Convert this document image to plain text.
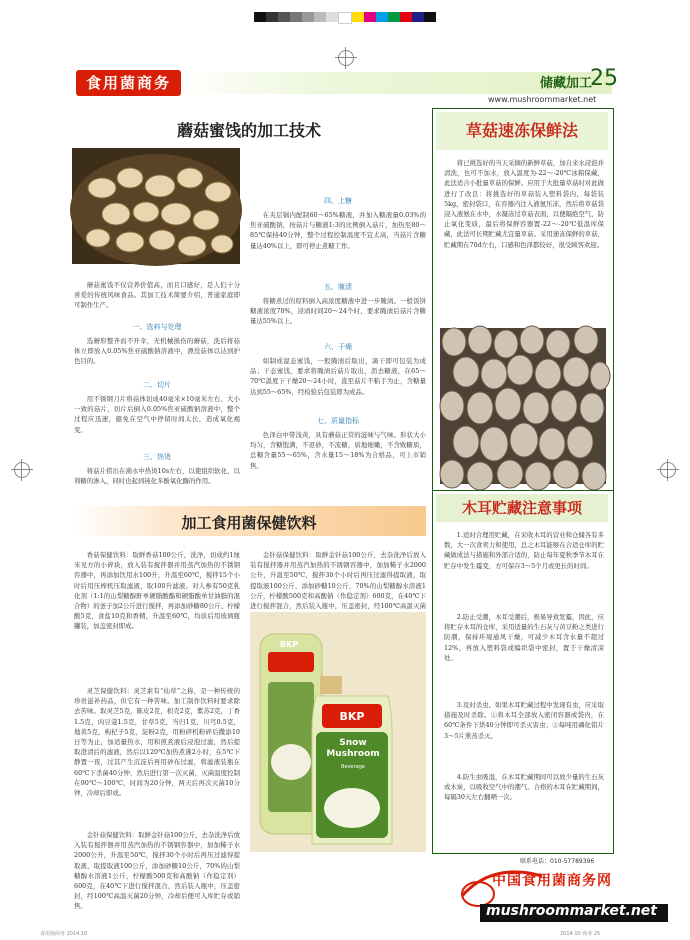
食用菌商务	储藏加工
25
www.mushroommarket.net
蘑菇蜜饯的加工技术
蘑菇蜜饯不仅营养价值高，而且口感好，是人们十分喜爱的传统风味食品。其加工技术简要介绍，普通家庭即可制作生产。
一、选料与处理
选蘑形整齐而不开伞，无机械损伤的蘑菇，洗后将菇体立即放入0.05%焦亚硫酸钠溶液中，漂没菇体以达到护色目的。
二、切片
用不锈钢刀片将菇体切成40毫米×10毫米左右、大小一致的菇片，切片后倒入0.05%焦亚硫酸钠溶液中，整个过程应迅速，避免在空气中停留时间太长，造成氧化褐变。
三、热烫
将菇片捞出在沸水中热烫10s左右，以使组织软化，以利糖的渗入，同时也起到钝化多酚氧化酶的作用。
四、上糖
在夹层锅内配制60～65%糖液，并加入糖液量0.03%的焦亚硫酸钠，按菇片与糖液1:3的比例倒入菇片，加热至80～85℃保持40分钟，整个过程控制温度不宜太高，当菇片含糖量达40%以上，即可停止煮糖工作。
五、腌渍
将糖煮过的原料倒入高浓度糖液中进一步腌渍。一般饭饼糖液浓度70%，浸渍时间20～24个时，要求腌渍后菇片含糖量达55%以上。
六、干燥
如制成湿态蜜饯，一般腌渍后取出，滴干即可包装为成品；干态蜜饯，要求将腌渍后菇片取出，沥去糖液，在65～70℃温度下干燥20～24小时，直至菇片不粘手为止，含糖量达到55～65%，经检验后包装即为成品。
七、质量指标
色泽白中带浅黄，具有蘑菇正常的滋味与气味。形状大小均匀，含糖饱满，不返砂，不流糖，质地细嫩，不含败糖质，总糖含量55～65%，含水量15～18%为合格品，可上市销售。
草菇速冻保鲜法
将已挑选好的当天采摘的新鲜草菇，加自来水浸泡并清洗，也可不加水，放入温度为-22～-20℃冰箱保藏，此法适合小批量草菇的保鲜。应用于大批量草菇时对此做进行了改良：将挑选好的草菇装入塑料袋内，每袋装5kg，密封袋口，在容器内注入液氨压冻，然后将草菇袋浸入液氨在水中，水凝冻过草菇表面，以便隔绝空气，防止氧化变质，最后将保鲜容器置-22～-20℃低温库保藏，此法可长期贮藏尤宜量草菇。采用速冻保鲜的草菇，贮藏期在70d左右，口感和色泽都较好，很受顾客欢迎。
木耳贮藏注意事项
1.适时合理用贮藏，在采收木耳的营业和仓储各有多数，大一次食卖力和使用，总之木耳能够在合适仓库的贮藏做成法与措施和外部合适的，防止每年夏秋季节木耳在贮存中发生霉变，方可保存3～5个月或更长的时间。
2.防止受潮，木耳受潮后，极易导致发霉，因此，应将贮存木耳的仓库，采用适量的生石灰与黄豆粉之类进行防潮，保持环境通风干燥，可减少木耳含水量不超过12%，再放入塑料袋或编织袋中密封，置于干燥清凉处。
3.及时杀虫。如果木耳贮藏过程中发现有虫，应采取措施及时杀除。①将木耳全部放入密闭容器或袋内，在60℃条件下烘40分钟即可杀灭害虫；②每吨用磷化铝片3～5片熏蒸杀灭。
4.防生虫吸湿，在木耳贮藏期间可以放少量的生石灰或木炭，以吸收空气中的潮气。合格的木耳在贮藏期间，每隔30天左右翻晒一次。
加工食用菌保健饮料
香菇保健饮料：取鲜香菇100公斤，洗净，切成约1厘米见方的小碎块，放入装有搅拌器并用蒸汽加热的不锈钢容器中，再添加饮用水100升，升温至60℃，搅拌15个小时后用压榨机压取滤液，取100升滤液。对人参有50克乳化剂（1:1的山梨糖醇酐单硬脂酸酯和硬脂酸单甘油脂的混合物）的釜子加2公斤进行搅拌，再添加砂糖80公斤、柠檬酸5克，食盐10克和香精，升温至60℃，均质后用玻璃瓶罐装，加盖密封即成。
灵芝保健饮料：灵芝素有“仙草”之称，是一种传统的珍贵滋补药品，但它有一种苦味。加工制作饮料时要求除去苦味。取灵芝5克，陈皮2克，枳壳2克，紫苏2克，丁香1.5克，肉豆蔻1.5克，甘草5克，当归1克，川芎0.5克，地黄5克，枸杞子5克，淀粉2克，用粉碎机粉碎后撒添10日等为止，加适量热水，用和煎煮液后浸泡过滤，然后提取澄清后的滤液，然后以120℃加热煮沸2小时，在5℃下静置一夜，过其产生沉淀后再用砂布过滤，将滤液装瓶在60℃下杀菌40分钟，然后进行第一次灭菌，灭菌温度控制在90℃～100℃，时间为20分钟，两天后再次灭菌10分钟，冷却后即成。
金针菇保健饮料：取鲜金针菇100公斤，去杂洗净后放入装有搅拌器并用蒸汽加热的不锈钢容器中，加加稀子水2000公升，升温至50℃，搅拌30个小时后再压过滤得提取液，取提取液100公斤，添加砂糖10公斤，70%的山梨糖醇水溶液1公斤，柠檬酸500克和高酸钠（作稳定剂）600克，在40℃下进行搅拌混合，然后装入瓶中，压盖密封，经100℃高温灭菌20分钟，冷却后便可入库贮存或销售。
金针菇保健饮料：取鲜金针菇100公斤，去杂洗净后放入装有搅拌器并用蒸汽加热的不锈钢容器中，加加稀子水2000公升，升温至50℃，搅拌30个小时后再压过滤得提取液，取提取液100公斤，添加砂糖10公斤，70%的山梨糖醇水溶液1公斤，柠檬酸500克和高酸钠（作稳定剂）600克，在40℃下进行搅拌混合，然后装入瓶中，压盖密封，经100℃高温灭菌
BKP
BKP
Snow Mushroom
Beverage
联系电话：010-57789396
中国食用菌商务网
mushroommarket.net
食用菌商务 2014.10	2014.10 商务 25
